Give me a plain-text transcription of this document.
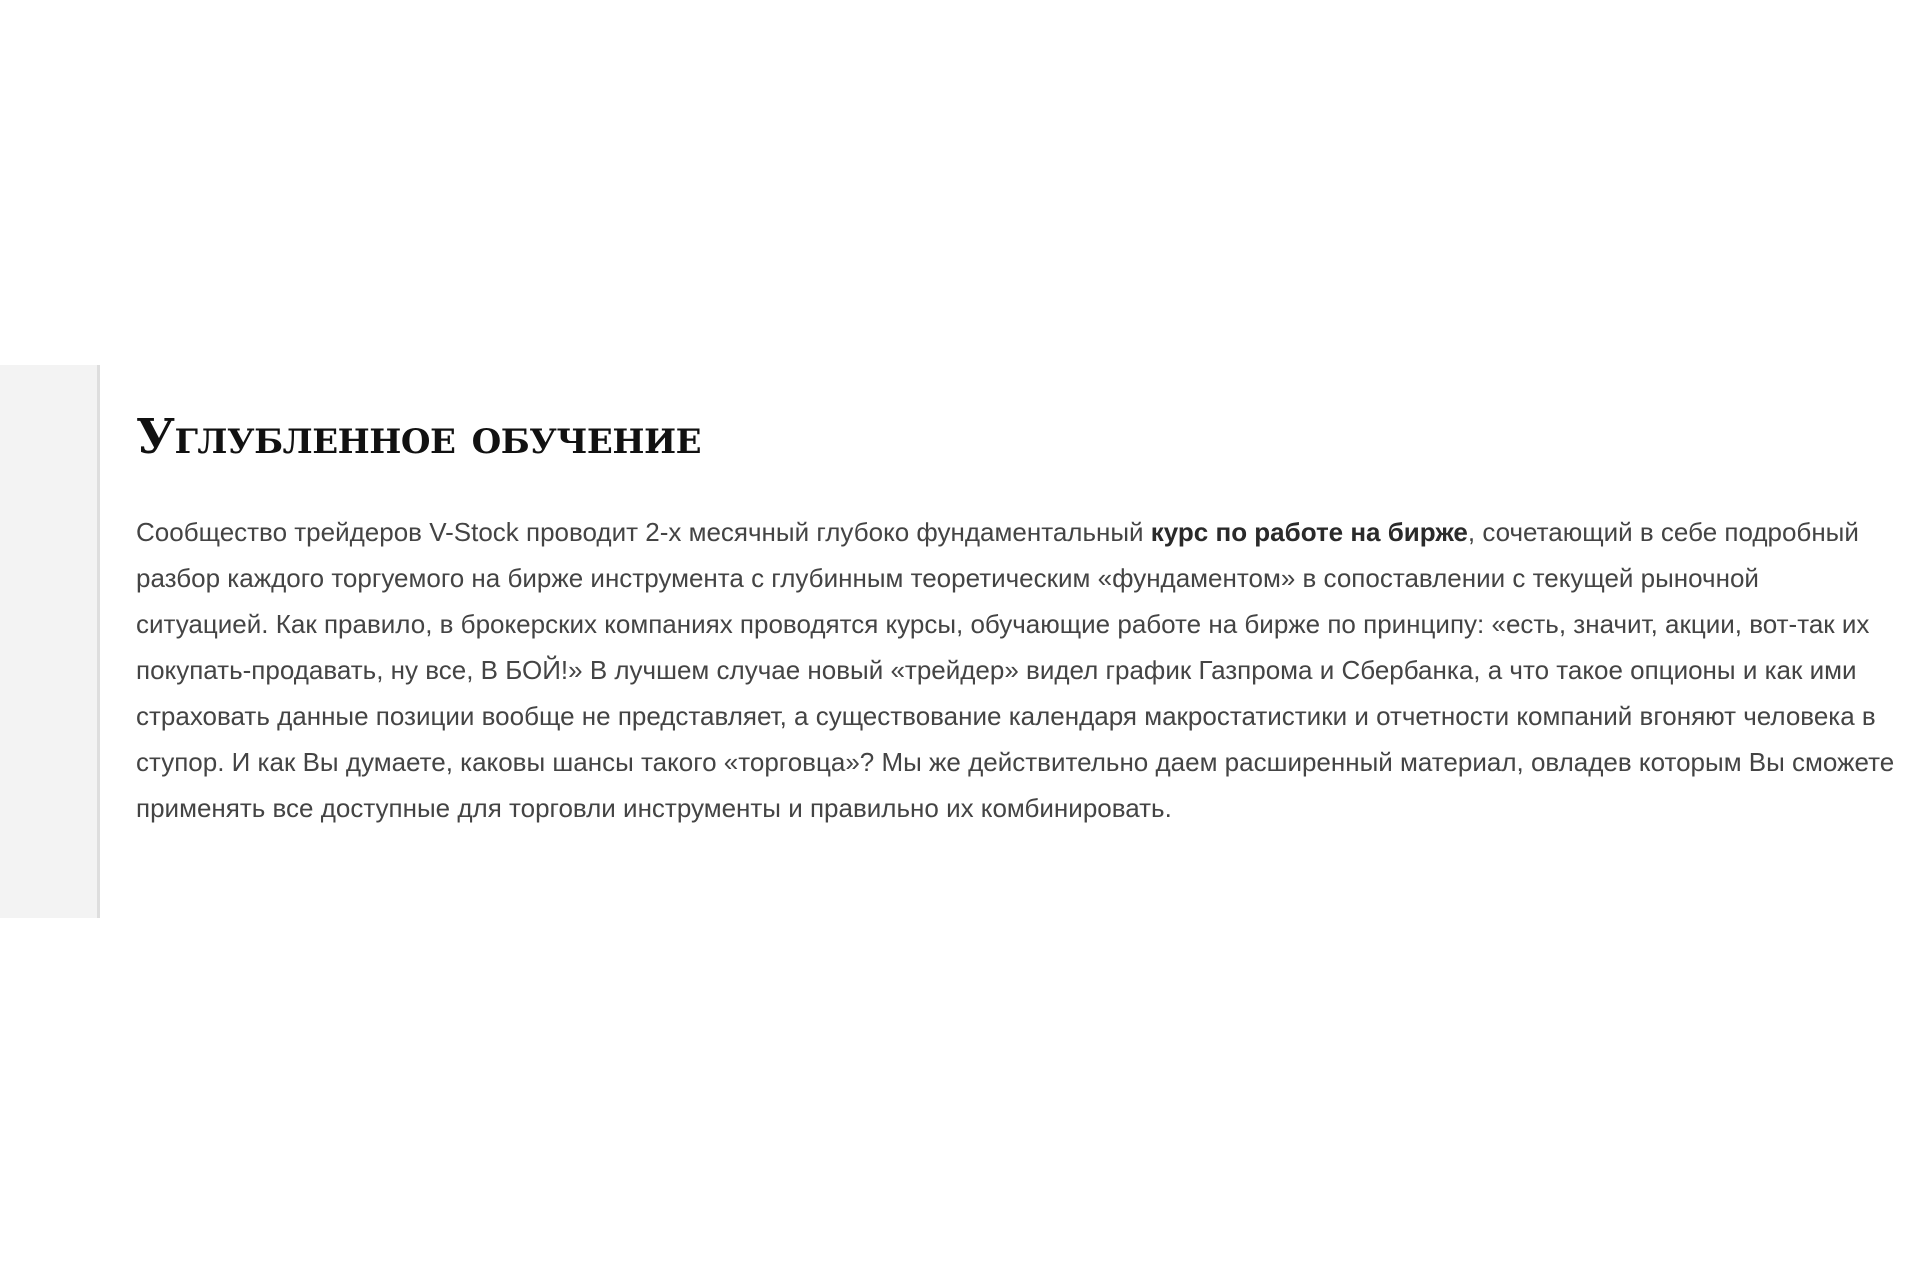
Углубленное обучение

Сообщество трейдеров V-Stock проводит 2-х месячный глубоко фундаментальный курс по работе на бирже, сочетающий в себе подробный разбор каждого торгуемого на бирже инструмента с глубинным теоретическим «фундаментом» в сопоставлении с текущей рыночной ситуацией. Как правило, в брокерских компаниях проводятся курсы, обучающие работе на бирже по принципу: «есть, значит, акции, вот-так их покупать-продавать, ну все, В БОЙ!» В лучшем случае новый «трейдер» видел график Газпрома и Сбербанка, а что такое опционы и как ими страховать данные позиции вообще не представляет, а существование календаря макростатистики и отчетности компаний вгоняют человека в ступор. И как Вы думаете, каковы шансы такого «торговца»? Мы же действительно даем расширенный материал, овладев которым Вы сможете применять все доступные для торговли инструменты и правильно их комбинировать.
